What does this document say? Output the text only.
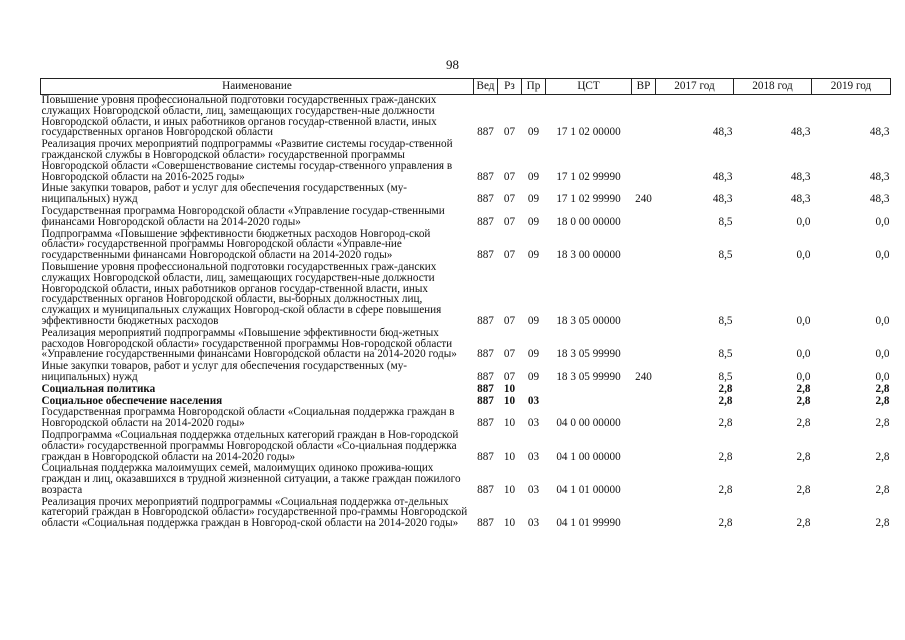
98
Наименование	Вед	Рз	Пр	ЦСТ	ВР	2017 год	2018 год	2019 год
Повышение уровня профессиональной подготовки государственных граж-данских служащих Новгородской области, лиц, замещающих государствен-ные должности Новгородской области, и иных работников органов государ-ственной власти, иных государственных органов Новгородской области	887	07	09	17 1 02 00000		48,3	48,3	48,3
Реализация прочих мероприятий подпрограммы «Развитие системы государ-ственной гражданской службы в Новгородской области» государственной программы Новгородской области «Совершенствование системы государ-ственного управления в Новгородской области на 2016-2025 годы»	887	07	09	17 1 02 99990		48,3	48,3	48,3
Иные закупки товаров, работ и услуг для обеспечения государственных (му-ниципальных) нужд	887	07	09	17 1 02 99990	240	48,3	48,3	48,3
Государственная программа Новгородской области «Управление государ-ственными финансами Новгородской области на 2014-2020 годы»	887	07	09	18 0 00 00000		8,5	0,0	0,0
Подпрограмма «Повышение эффективности бюджетных расходов Новгород-ской области» государственной программы Новгородской области «Управле-ние государственными финансами Новгородской области на 2014-2020 годы»	887	07	09	18 3 00 00000		8,5	0,0	0,0
Повышение уровня профессиональной подготовки государственных граж-данских служащих Новгородской области, лиц, замещающих государствен-ные должности Новгородской области, иных работников органов государ-ственной власти, иных государственных органов Новгородской области, вы-борных должностных лиц, служащих и муниципальных служащих Новгород-ской области в сфере повышения эффективности бюджетных расходов	887	07	09	18 3 05 00000		8,5	0,0	0,0
Реализация мероприятий подпрограммы «Повышение эффективности бюд-жетных расходов Новгородской области» государственной программы Нов-городской области «Управление государственными финансами Новгородской области на 2014-2020 годы»	887	07	09	18 3 05 99990		8,5	0,0	0,0
Иные закупки товаров, работ и услуг для обеспечения государственных (му-ниципальных) нужд	887	07	09	18 3 05 99990	240	8,5	0,0	0,0
Социальная политика	887	10				2,8	2,8	2,8
Социальное обеспечение населения	887	10	03			2,8	2,8	2,8
Государственная программа Новгородской области «Социальная поддержка граждан в Новгородской области на 2014-2020 годы»	887	10	03	04 0 00 00000		2,8	2,8	2,8
Подпрограмма «Социальная поддержка отдельных категорий граждан в Нов-городской области» государственной программы Новгородской области «Со-циальная поддержка граждан в Новгородской области на 2014-2020 годы»	887	10	03	04 1 00 00000		2,8	2,8	2,8
Социальная поддержка малоимущих семей, малоимущих одиноко прожива-ющих граждан и лиц, оказавшихся в трудной жизненной ситуации, а также граждан пожилого возраста	887	10	03	04 1 01 00000		2,8	2,8	2,8
Реализация прочих мероприятий подпрограммы «Социальная поддержка от-дельных категорий граждан в Новгородской области» государственной про-граммы Новгородской области «Социальная поддержка граждан в Новгород-ской области на 2014-2020 годы»	887	10	03	04 1 01 99990		2,8	2,8	2,8
